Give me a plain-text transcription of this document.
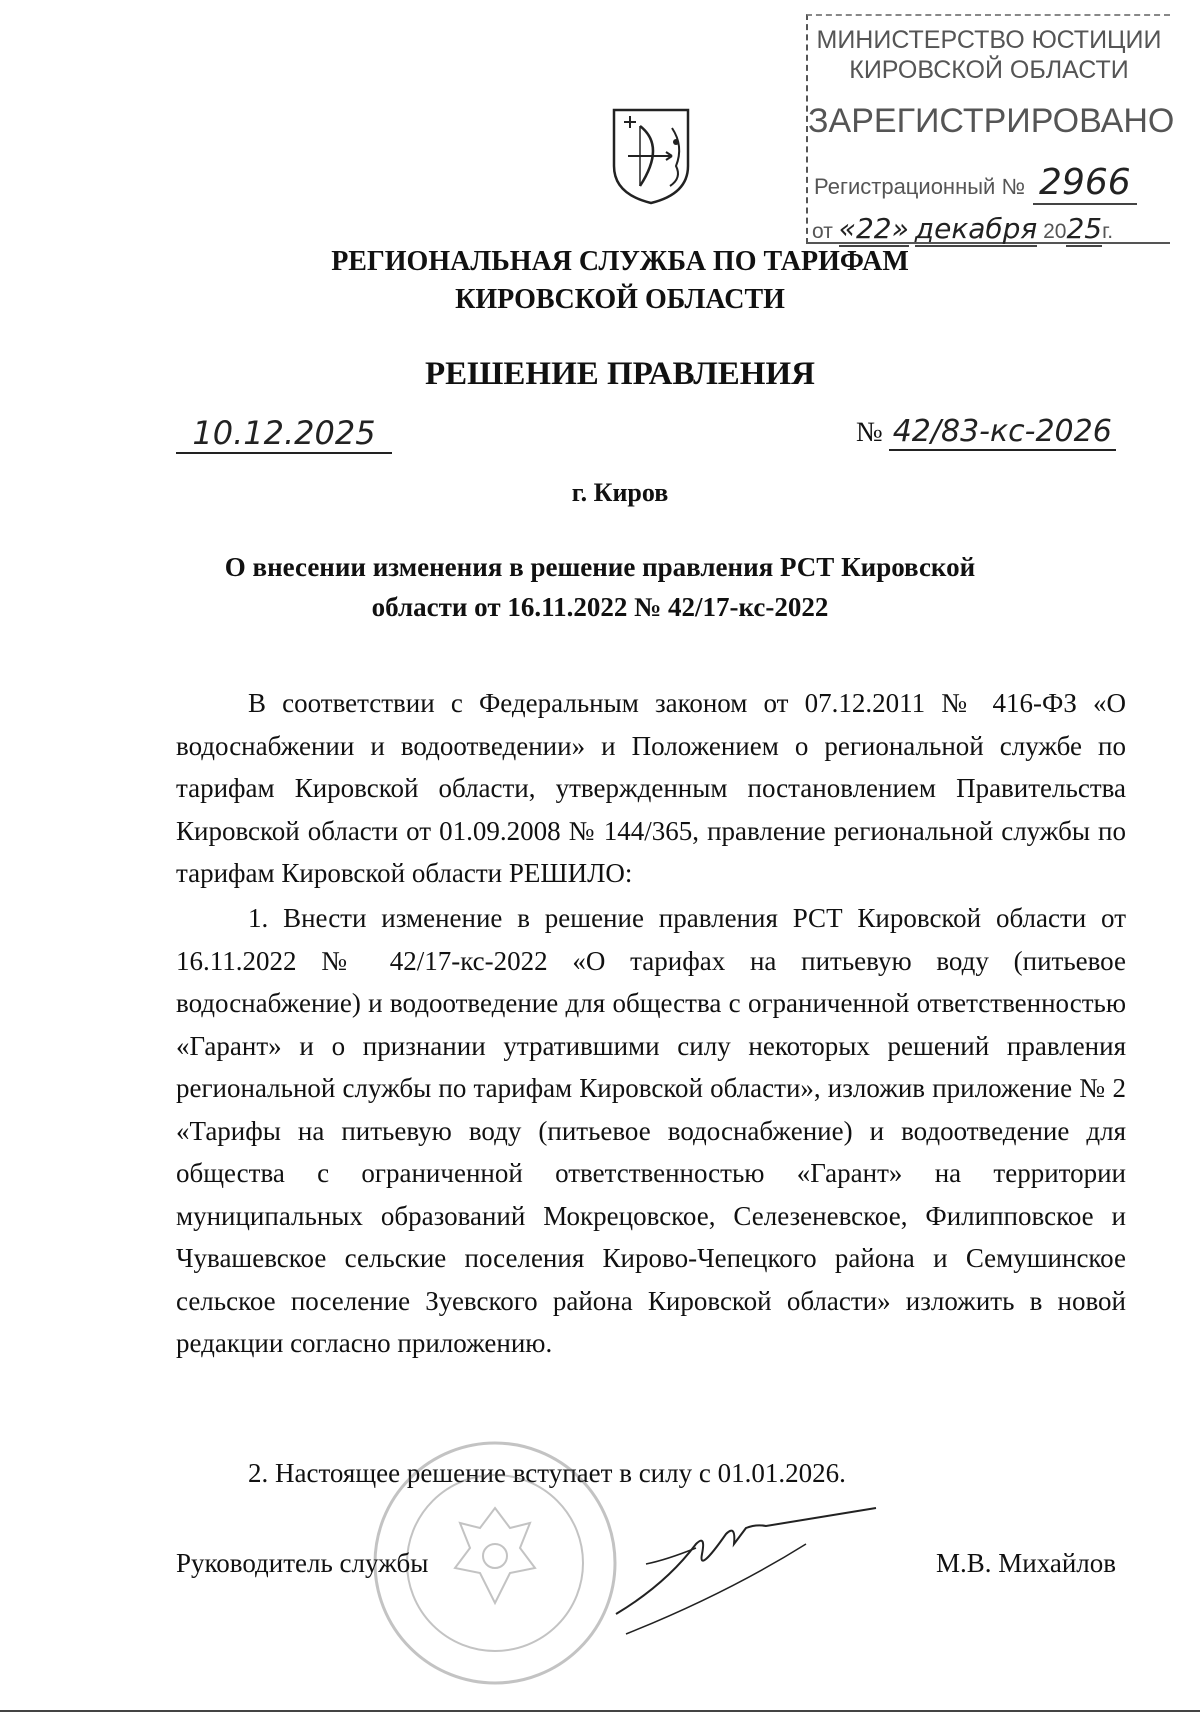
МИНИСТЕРСТВО ЮСТИЦИИ
КИРОВСКОЙ ОБЛАСТИ
ЗАРЕГИСТРИРОВАНО
Регистрационный № 2966
от «22» декабря 2025г.
РЕГИОНАЛЬНАЯ СЛУЖБА ПО ТАРИФАМ
КИРОВСКОЙ ОБЛАСТИ
РЕШЕНИЕ ПРАВЛЕНИЯ
10.12.2025	№ 42/83-кс-2026
г. Киров
О внесении изменения в решение правления РСТ Кировской
области от 16.11.2022 № 42/17-кс-2022
В соответствии с Федеральным законом от 07.12.2011 № 416-ФЗ «О водоснабжении и водоотведении» и Положением о региональной службе по тарифам Кировской области, утвержденным постановлением Правительства Кировской области от 01.09.2008 № 144/365, правление региональной службы по тарифам Кировской области РЕШИЛО:
1. Внести изменение в решение правления РСТ Кировской области от 16.11.2022 № 42/17-кс-2022 «О тарифах на питьевую воду (питьевое водоснабжение) и водоотведение для общества с ограниченной ответственностью «Гарант» и о признании утратившими силу некоторых решений правления региональной службы по тарифам Кировской области», изложив приложение № 2 «Тарифы на питьевую воду (питьевое водоснабжение) и водоотведение для общества с ограниченной ответственностью «Гарант» на территории муниципальных образований Мокрецовское, Селезеневское, Филипповское и Чувашевское сельские поселения Кирово-Чепецкого района и Семушинское сельское поселение Зуевского района Кировской области» изложить в новой редакции согласно приложению.
2. Настоящее решение вступает в силу с 01.01.2026.
Руководитель службы	М.В. Михайлов
